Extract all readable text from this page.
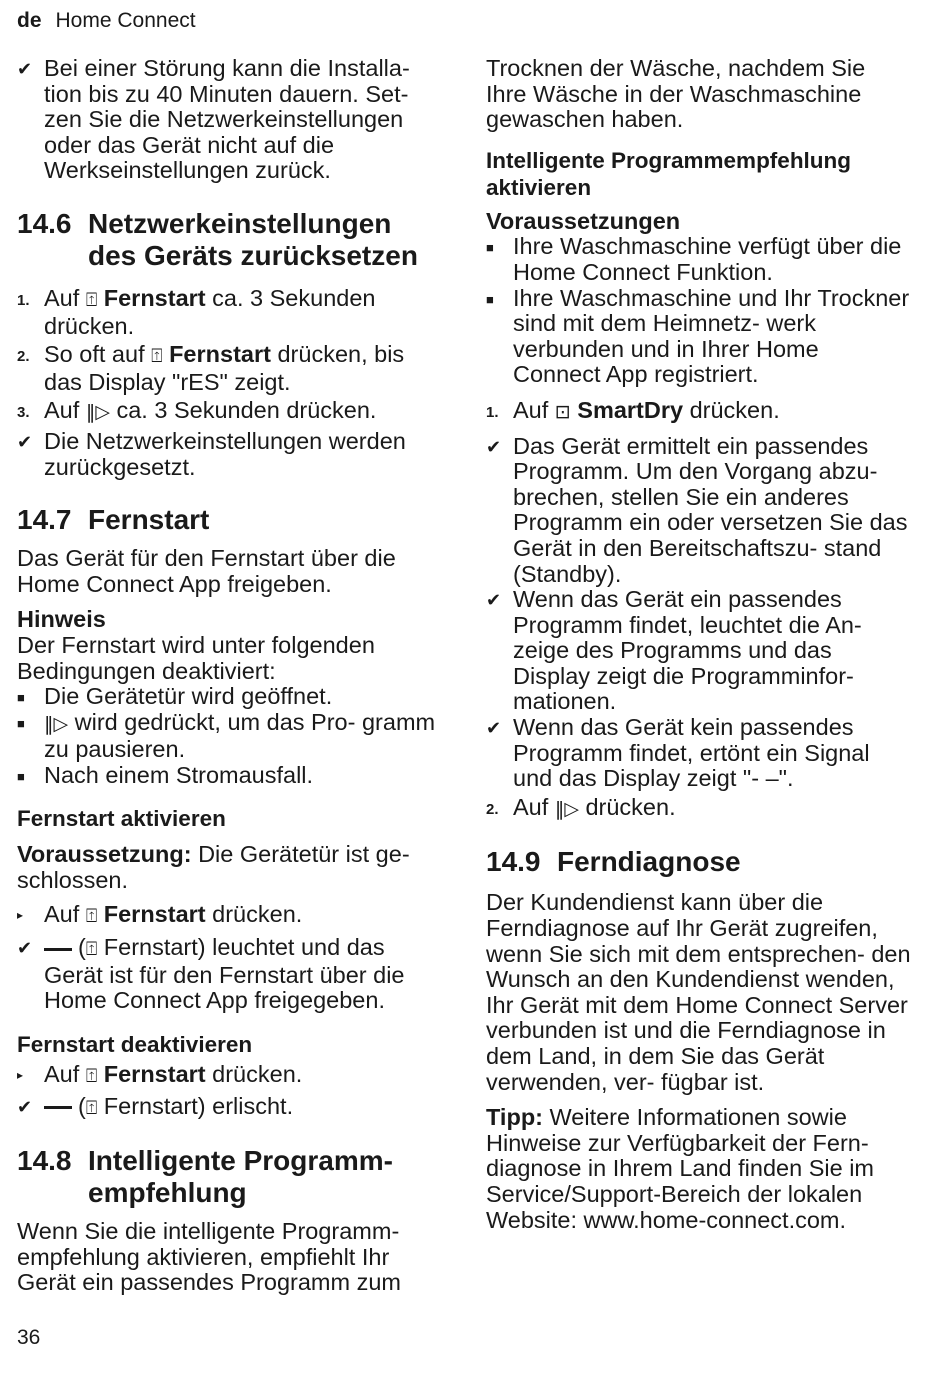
de Home Connect
✔ Bei einer Störung kann die Installa- tion bis zu 40 Minuten dauern. Set- zen Sie die Netzwerkeinstellungen oder das Gerät nicht auf die Werkseinstellungen zurück.
14.6 Netzwerkeinstellungen des Geräts zurücksetzen
1. Auf ⍐ Fernstart ca. 3 Sekunden drücken.
2. So oft auf ⍐ Fernstart drücken, bis das Display "rES" zeigt.
3. Auf ‖▷ ca. 3 Sekunden drücken.
✔ Die Netzwerkeinstellungen werden zurückgesetzt.
14.7 Fernstart

Das Gerät für den Fernstart über die Home Connect App freigeben.

Hinweis

Der Fernstart wird unter folgenden Bedingungen deaktiviert:

■ Die Gerätetür wird geöffnet.
■	‖▷ wird gedrückt, um das Pro- gramm zu pausieren.
■ Nach einem Stromausfall.
Fernstart aktivieren

Voraussetzung: Die Gerätetür ist ge- schlossen.

▸ Auf ⍐ Fernstart drücken.
✔	(⍐ Fernstart) leuchtet und das Gerät ist für den Fernstart über die Home Connect App freigegeben.
Fernstart deaktivieren
▸ Auf ⍐ Fernstart drücken.
✔	(⍐ Fernstart) erlischt.
14.8 Intelligente Programm- empfehlung

Wenn Sie die intelligente Programm- empfehlung aktivieren, empfiehlt Ihr Gerät ein passendes Programm zum

Trocknen der Wäsche, nachdem Sie Ihre Wäsche in der Waschmaschine gewaschen haben.

Intelligente Programmempfehlung aktivieren

Voraussetzungen

■ Ihre Waschmaschine verfügt über die Home Connect Funktion.
■ Ihre Waschmaschine und Ihr Trockner sind mit dem Heimnetz- werk verbunden und in Ihrer Home Connect App registriert.
1. Auf ⊡ SmartDry drücken.
✔ Das Gerät ermittelt ein passendes Programm. Um den Vorgang abzu- brechen, stellen Sie ein anderes Programm ein oder versetzen Sie das Gerät in den Bereitschaftszu- stand (Standby).
✔ Wenn das Gerät ein passendes Programm findet, leuchtet die An- zeige des Programms und das Display zeigt die Programminfor- mationen.
✔ Wenn das Gerät kein passendes Programm findet, ertönt ein Signal und das Display zeigt "- –".
2. Auf ‖▷ drücken.
14.9 Ferndiagnose

Der Kundendienst kann über die Ferndiagnose auf Ihr Gerät zugreifen, wenn Sie sich mit dem entsprechen- den Wunsch an den Kundendienst wenden, Ihr Gerät mit dem Home Connect Server verbunden ist und die Ferndiagnose in dem Land, in dem Sie das Gerät verwenden, ver- fügbar ist.

Tipp: Weitere Informationen sowie Hinweise zur Verfügbarkeit der Fern- diagnose in Ihrem Land finden Sie im Service/Support-Bereich der lokalen Website: www.home-connect.com.

36
